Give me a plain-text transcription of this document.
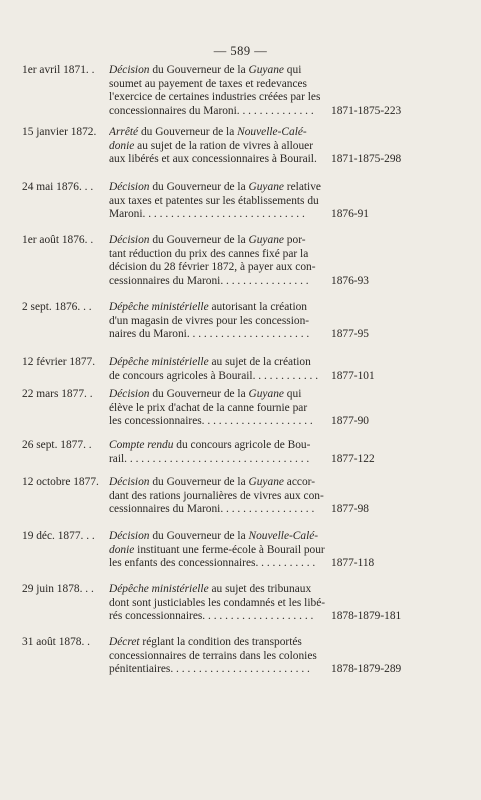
— 589 —
1er avril 1871. . Décision du Gouverneur de la Guyane qui
soumet au payement de taxes et redevances
l'exercice de certaines industries créées par les
concessionnaires du Maroni. . . . . . . . . . . . . .	1871-1875-223
15 janvier 1872. Arrêté du Gouverneur de la Nouvelle-Calé-
donie au sujet de la ration de vivres à allouer
aux libérés et aux concessionnaires à Bourail.	1871-1875-298
24 mai 1876. . . Décision du Gouverneur de la Guyane relative
aux taxes et patentes sur les établissements du
Maroni. . . . . . . . . . . . . . . . . . . . . . . . . . . . .	1876-91
1er août 1876. . Décision du Gouverneur de la Guyane por-
tant réduction du prix des cannes fixé par la
décision du 28 février 1872, à payer aux con-
cessionnaires du Maroni. . . . . . . . . . . . . . . .	1876-93
2 sept. 1876. . . Dépêche ministérielle autorisant la création
d'un magasin de vivres pour les concession-
naires du Maroni. . . . . . . . . . . . . . . . . . . . . .	1877-95
12 février 1877. Dépêche ministérielle au sujet de la création
de concours agricoles à Bourail. . . . . . . . . . . .	1877-101
22 mars 1877. . Décision du Gouverneur de la Guyane qui
élève le prix d'achat de la canne fournie par
les concessionnaires. . . . . . . . . . . . . . . . . . . .	1877-90
26 sept. 1877. . Compte rendu du concours agricole de Bou-
rail. . . . . . . . . . . . . . . . . . . . . . . . . . . . . . . . .	1877-122
12 octobre 1877. Décision du Gouverneur de la Guyane accor-
dant des rations journalières de vivres aux con-
cessionnaires du Maroni. . . . . . . . . . . . . . . . .	1877-98
19 déc. 1877. . . Décision du Gouverneur de la Nouvelle-Calé-
donie instituant une ferme-école à Bourail pour
les enfants des concessionnaires. . . . . . . . . . .	1877-118
29 juin 1878. . . Dépêche ministérielle au sujet des tribunaux
dont sont justiciables les condamnés et les libé-
rés concessionnaires. . . . . . . . . . . . . . . . . . . .	1878-1879-181
31 août 1878. . Décret réglant la condition des transportés
concessionnaires de terrains dans les colonies
pénitentiaires. . . . . . . . . . . . . . . . . . . . . . . . .	1878-1879-289
